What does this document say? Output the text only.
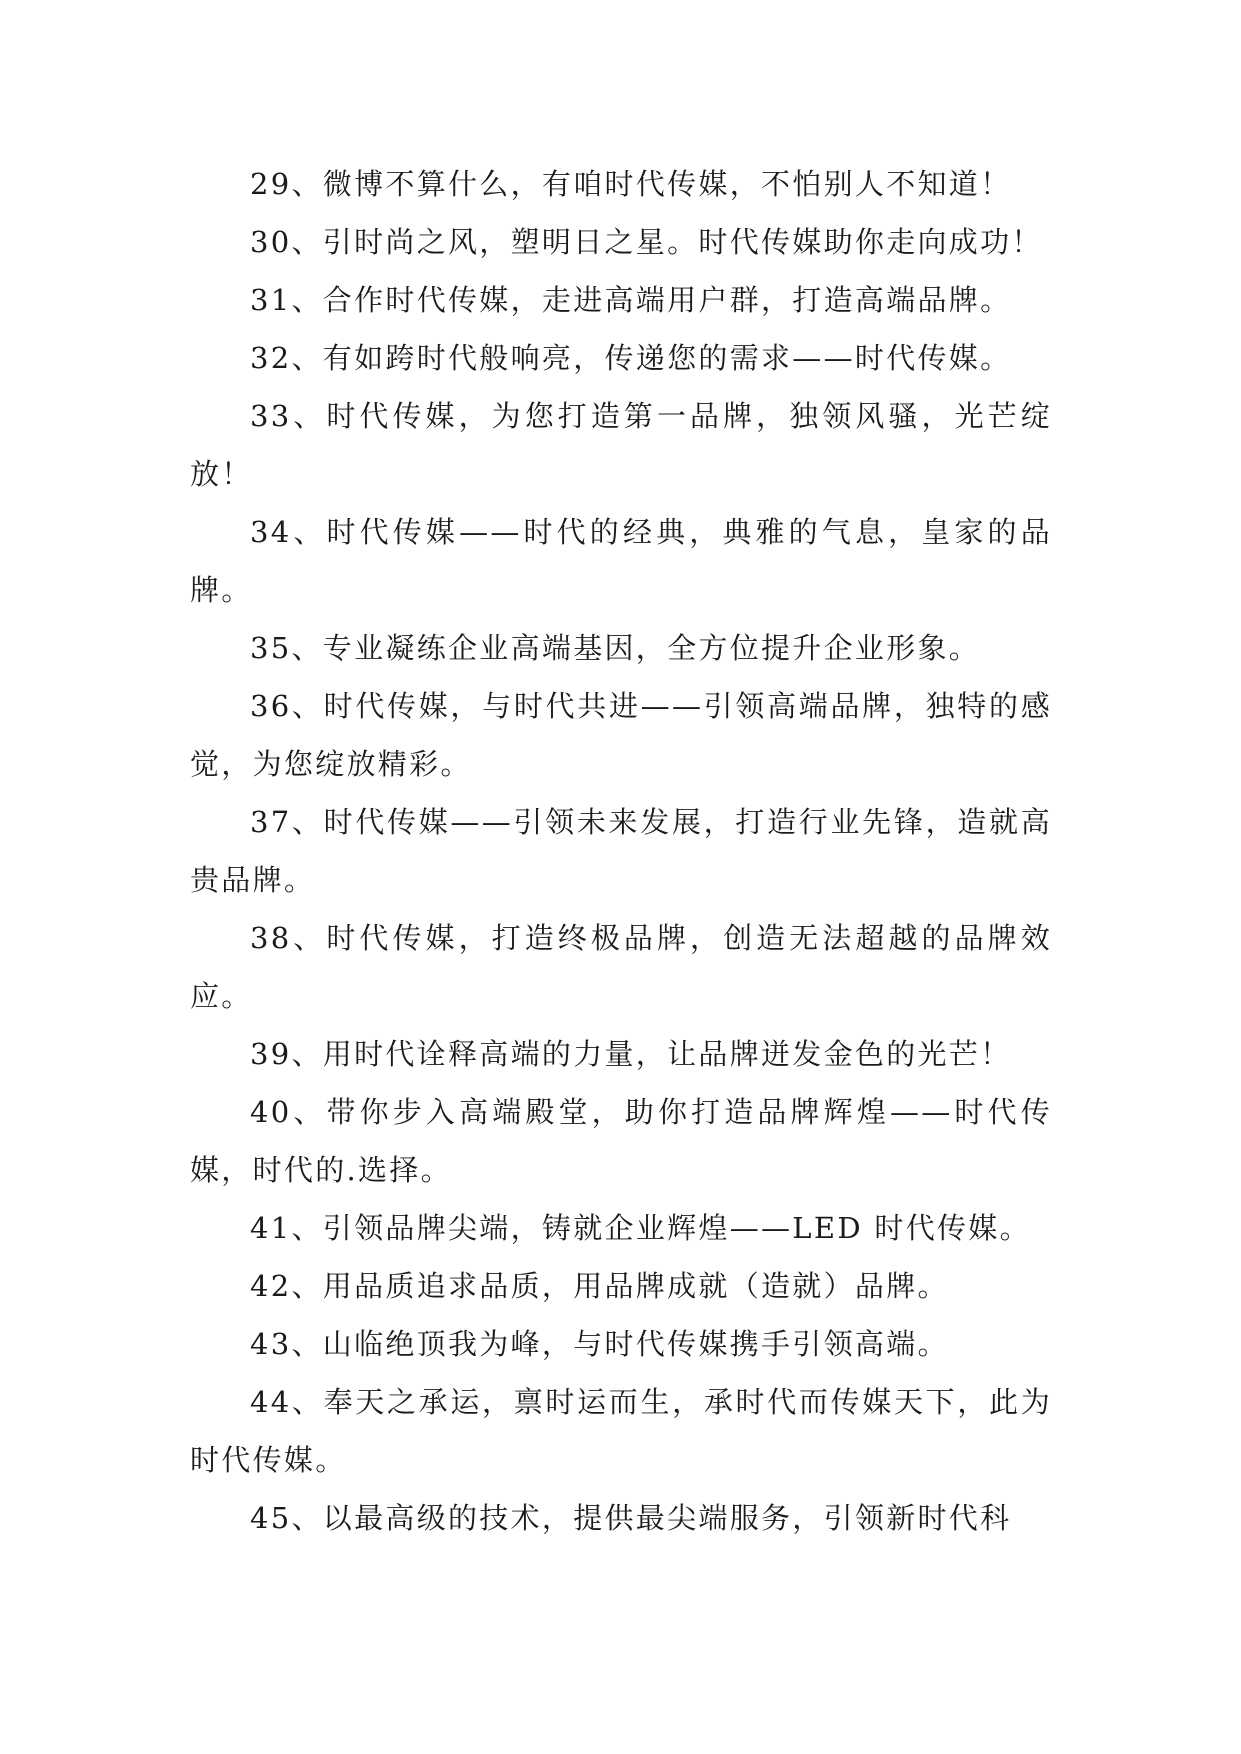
29、微博不算什么，有咱时代传媒，不怕别人不知道！

30、引时尚之风，塑明日之星。时代传媒助你走向成功！

31、合作时代传媒，走进高端用户群，打造高端品牌。

32、有如跨时代般响亮，传递您的需求——时代传媒。

33、时代传媒，为您打造第一品牌，独领风骚，光芒绽放！

34、时代传媒——时代的经典，典雅的气息，皇家的品牌。

35、专业凝练企业高端基因，全方位提升企业形象。

36、时代传媒，与时代共进——引领高端品牌，独特的感觉，为您绽放精彩。

37、时代传媒——引领未来发展，打造行业先锋，造就高贵品牌。

38、时代传媒，打造终极品牌，创造无法超越的品牌效应。

39、用时代诠释高端的力量，让品牌迸发金色的光芒！

40、带你步入高端殿堂，助你打造品牌辉煌——时代传媒，时代的.选择。

41、引领品牌尖端，铸就企业辉煌——LED 时代传媒。

42、用品质追求品质，用品牌成就（造就）品牌。

43、山临绝顶我为峰，与时代传媒携手引领高端。

44、奉天之承运，禀时运而生，承时代而传媒天下，此为时代传媒。

45、以最高级的技术，提供最尖端服务，引领新时代科
